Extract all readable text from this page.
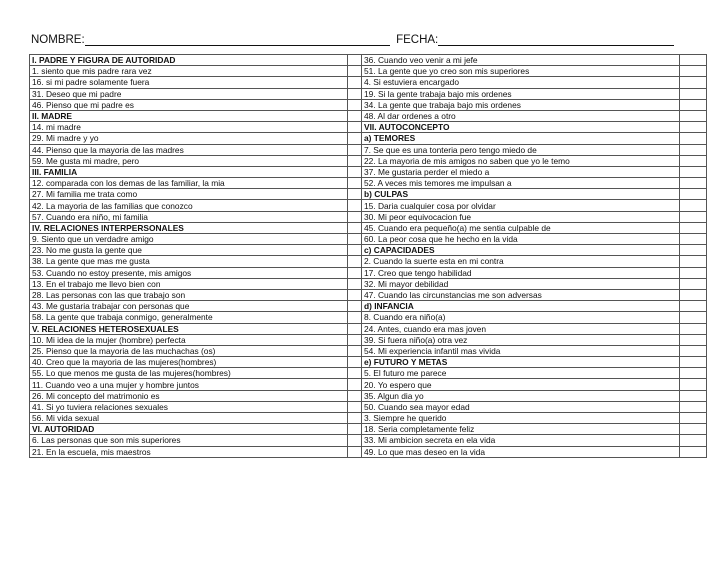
NOMBRE:	FECHA:
I. PADRE Y FIGURA DE AUTORIDAD		36. Cuando veo venir a mi jefe	
1. siento que mis padre rara vez		51. La gente que yo creo son mis superiores	
16. si mi padre solamente fuera		4. Si estuviera encargado	
31. Deseo que mi padre		19. Si la gente trabaja bajo mis ordenes	
46. Pienso que mi padre es		34. La gente que trabaja bajo mis ordenes	
II. MADRE		48. Al dar ordenes a otro	
14. mi madre		VII. AUTOCONCEPTO	
29. Mi madre y yo		a) TEMORES	
44. Pienso que la mayoria de las madres		7. Se que es una tonteria pero tengo miedo de	
59. Me gusta mi madre, pero		22. La mayoria de mis amigos no saben que yo le temo	
III. FAMILIA		37. Me gustaria perder el miedo a	
12. comparada con los demas de las familiar, la mia		52. A veces mis temores me impulsan a	
27. Mi familia me trata como		b) CULPAS	
42. La mayoria de las familias que conozco		15. Daria cualquier cosa por olvidar	
57. Cuando era niño, mi familia		30. Mi peor equivocacion fue	
IV. RELACIONES INTERPERSONALES		45. Cuando era pequeño(a) me sentia culpable de	
9. Siento que un verdadre amigo		60. La peor cosa que he hecho en la vida	
23. No me gusta la gente que		c) CAPACIDADES	
38. La gente que mas me gusta		2. Cuando la suerte esta en mi contra	
53. Cuando no estoy presente, mis amigos		17. Creo que tengo habilidad	
13. En el trabajo me llevo bien con		32. Mi mayor debilidad	
28. Las personas con las que trabajo son		47. Cuando las circunstancias me son adversas	
43. Me gustaria trabajar con personas que		d) INFANCIA	
58. La gente que trabaja conmigo, generalmente		8. Cuando era niño(a)	
V. RELACIONES HETEROSEXUALES		24. Antes, cuando era mas joven	
10. Mi idea de la mujer (hombre) perfecta		39. Si fuera niño(a) otra vez	
25. Pienso que la mayoria de las muchachas (os)		54. Mi experiencia infantil mas vivida	
40. Creo que la mayoria de las mujeres(hombres)		e) FUTURO Y METAS	
55. Lo que menos me gusta de las mujeres(hombres)		5. El futuro me parece	
11. Cuando veo a una mujer y hombre juntos		20. Yo espero que	
26. Mi concepto del matrimonio es		35. Algun dia yo	
41. Si yo tuviera relaciones sexuales		50. Cuando sea mayor edad	
56. Mi vida sexual		3. Siempre he querido	
VI. AUTORIDAD		18. Seria completamente feliz	
6. Las personas que son mis superiores		33. Mi ambicion secreta en ela vida	
21. En la escuela, mis maestros		49. Lo que mas deseo en la vida	
